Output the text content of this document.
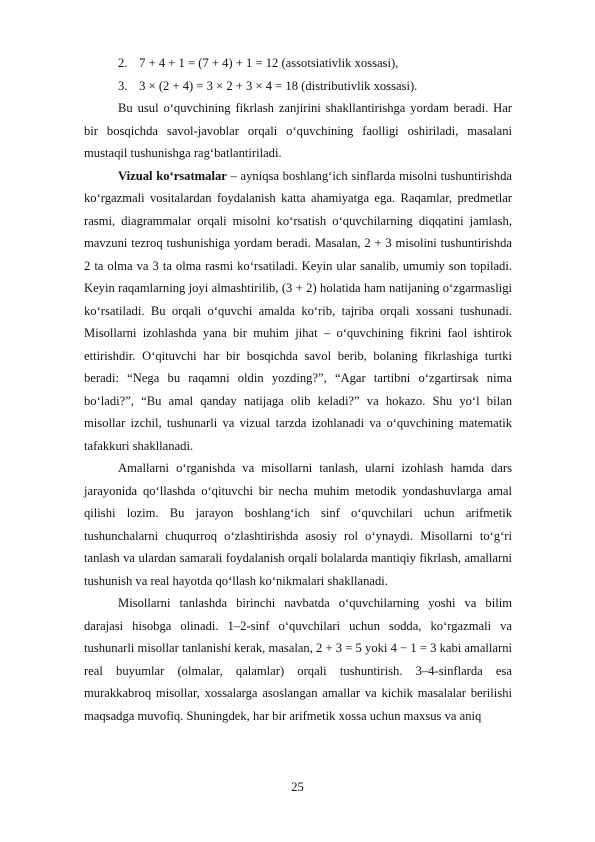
2. 7 + 4 + 1 = (7 + 4) + 1 = 12 (assotsiativlik xossasi),
3. 3 × (2 + 4) = 3 × 2 + 3 × 4 = 18 (distributivlik xossasi).

Bu usul o‘quvchining fikrlash zanjirini shakllantirishga yordam beradi. Har bir bosqichda savol-javoblar orqali o‘quvchining faolligi oshiriladi, masalani mustaqil tushunishga rag‘batlantiriladi.

Vizual ko‘rsatmalar – ayniqsa boshlang‘ich sinflarda misolni tushuntirishda ko‘rgazmali vositalardan foydalanish katta ahamiyatga ega. Raqamlar, predmetlar rasmi, diagrammalar orqali misolni ko‘rsatish o‘quvchilarning diqqatini jamlash, mavzuni tezroq tushunishiga yordam beradi. Masalan, 2 + 3 misolini tushuntirishda 2 ta olma va 3 ta olma rasmi ko‘rsatiladi. Keyin ular sanalib, umumiy son topiladi. Keyin raqamlarning joyi almashtirilib, (3 + 2) holatida ham natijaning o‘zgarmasligi ko‘rsatiladi. Bu orqali o‘quvchi amalda ko‘rib, tajriba orqali xossani tushunadi. Misollarni izohlashda yana bir muhim jihat – o‘quvchining fikrini faol ishtirok ettirishdir. O‘qituvchi har bir bosqichda savol berib, bolaning fikrlashiga turtki beradi: “Nega bu raqamni oldin yozding?”, “Agar tartibni o‘zgartirsak nima bo‘ladi?”, “Bu amal qanday natijaga olib keladi?” va hokazo. Shu yo‘l bilan misollar izchil, tushunarli va vizual tarzda izohlanadi va o‘quvchining matematik tafakkuri shakllanadi.

Amallarni o‘rganishda va misollarni tanlash, ularni izohlash hamda dars jarayonida qo‘llashda o‘qituvchi bir necha muhim metodik yondashuvlarga amal qilishi lozim. Bu jarayon boshlang‘ich sinf o‘quvchilari uchun arifmetik tushunchalarni chuqurroq o‘zlashtirishda asosiy rol o‘ynaydi. Misollarni to‘g‘ri tanlash va ulardan samarali foydalanish orqali bolalarda mantiqiy fikrlash, amallarni tushunish va real hayotda qo‘llash ko‘nikmalari shakllanadi.

Misollarni tanlashda birinchi navbatda o‘quvchilarning yoshi va bilim darajasi hisobga olinadi. 1–2-sinf o‘quvchilari uchun sodda, ko‘rgazmali va tushunarli misollar tanlanishi kerak, masalan, 2 + 3 = 5 yoki 4 − 1 = 3 kabi amallarni real buyumlar (olmalar, qalamlar) orqali tushuntirish. 3–4-sinflarda esa murakkabroq misollar, xossalarga asoslangan amallar va kichik masalalar berilishi maqsadga muvofiq. Shuningdek, har bir arifmetik xossa uchun maxsus va aniq

25
